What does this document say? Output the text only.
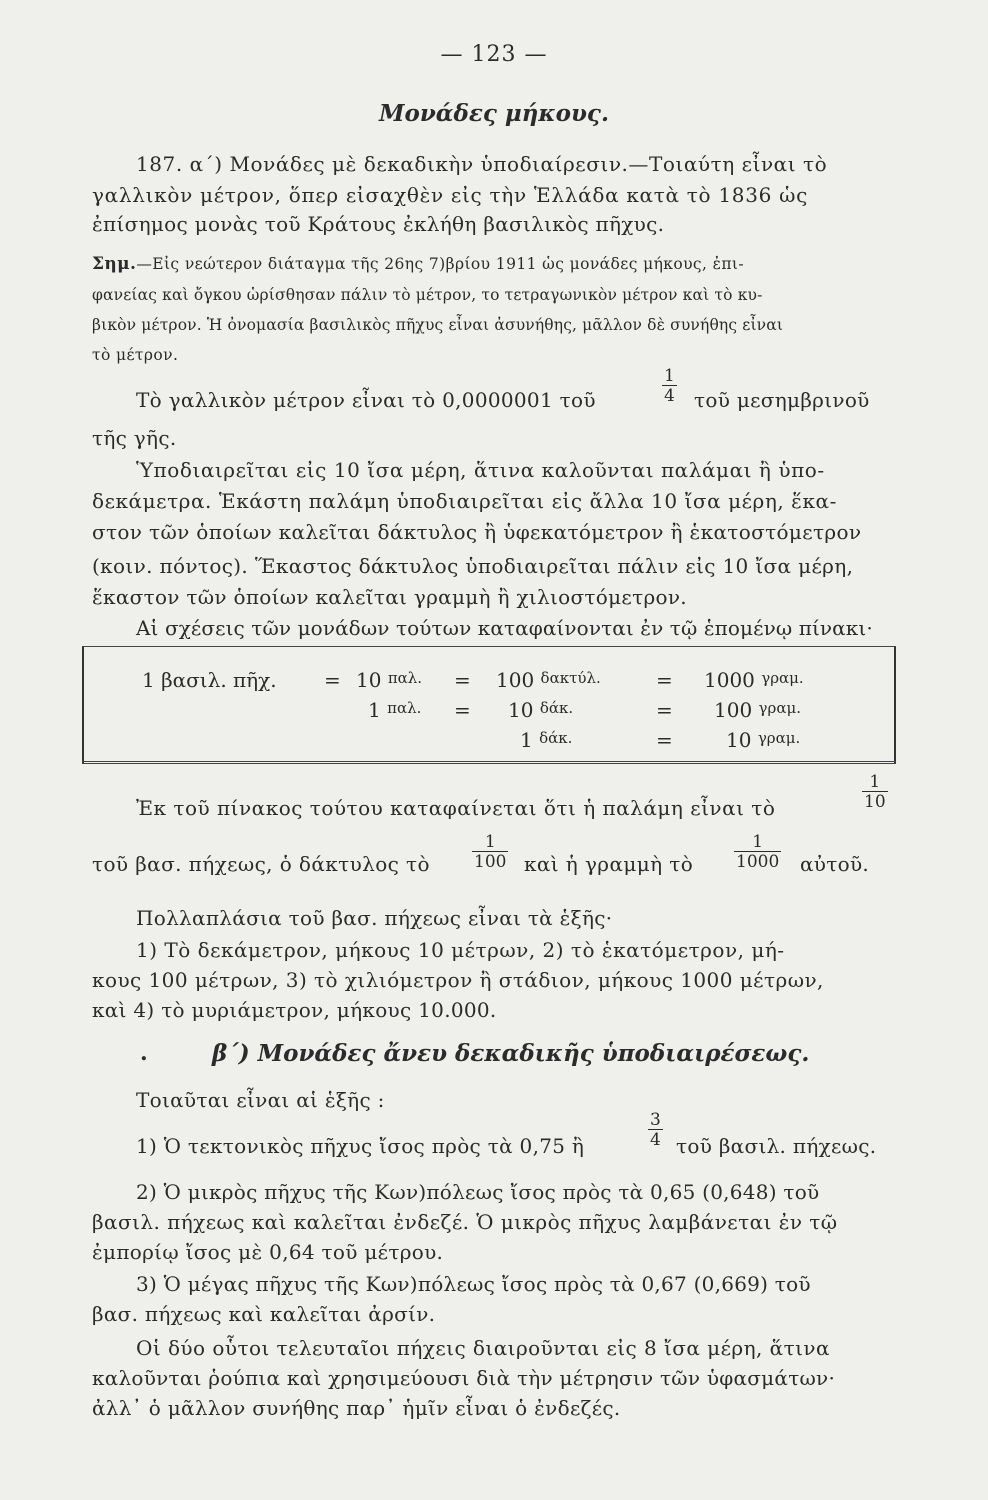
— 123 —
Μονάδες μήκους.
187. α΄) Μονάδες μὲ δεκαδικὴν ὑποδιαίρεσιν.—Τοιαύτη εἶναι τὸ
γαλλικὸν μέτρον, ὅπερ εἰσαχθὲν εἰς τὴν Ἑλλάδα κατὰ τὸ 1836 ὡς
ἐπίσημος μονὰς τοῦ Κράτους ἐκλήθη βασιλικὸς πῆχυς.
Σημ.—Εἰς νεώτερον διάταγμα τῆς 26ης 7)βρίου 1911 ὡς μονάδες μήκους, ἐπι-
φανείας καὶ ὄγκου ὡρίσθησαν πάλιν τὸ μέτρον, το τετραγωνικὸν μέτρον καὶ τὸ κυ-
βικὸν μέτρον. Ἡ ὀνομασία βασιλικὸς πῆχυς εἶναι ἀσυνήθης, μᾶλλον δὲ συνήθης εἶναι
τὸ μέτρον.
Τὸ γαλλικὸν μέτρον εἶναι τὸ 0,0000001 τοῦ	$\frac{1}{4}$ τοῦ μεσημβρινοῦ
τῆς γῆς.
Ὑποδιαιρεῖται εἰς 10 ἴσα μέρη, ἅτινα καλοῦνται παλάμαι ἢ ὑπο-
δεκάμετρα. Ἑκάστη παλάμη ὑποδιαιρεῖται εἰς ἄλλα 10 ἴσα μέρη, ἕκα-
στον τῶν ὁποίων καλεῖται δάκτυλος ἢ ὑφεκατόμετρον ἢ ἑκατοστόμετρον
(κοιν. πόντος). Ἕκαστος δάκτυλος ὑποδιαιρεῖται πάλιν εἰς 10 ἴσα μέρη,
ἕκαστον τῶν ὁποίων καλεῖται γραμμὴ ἢ χιλιοστόμετρον.
Αἱ σχέσεις τῶν μονάδων τούτων καταφαίνονται ἐν τῷ ἑπομένῳ πίνακι·
1 βασιλ. πῆχ. = 10 $^{\pi\alpha\lambda.}$ = 100 $^{\delta\alpha\kappa\tau ύ\lambda.}$	= 1000 $^{\gamma\rho\alpha\mu.}$
1 $^{\pi\alpha\lambda.}$ = 10 $^{\delta ά\kappa.}$	= 100 $^{\gamma\rho\alpha\mu.}$
1 $^{\delta ά\kappa.}$	=	10 $^{\gamma\rho\alpha\mu.}$
Ἐκ τοῦ πίνακος τούτου καταφαίνεται ὅτι ἡ παλάμη εἶναι τὸ	$\frac{1}{10}$
τοῦ βασ. πήχεως, ὁ δάκτυλος τὸ $\frac{1}{100}$ καὶ ἡ γραμμὴ τὸ $\frac{1}{1000}$ αὐτοῦ.
Πολλαπλάσια τοῦ βασ. πήχεως εἶναι τὰ ἑξῆς·
1) Τὸ δεκάμετρον, μήκους 10 μέτρων, 2) τὸ ἑκατόμετρον, μή-
κους 100 μέτρων, 3) τὸ χιλιόμετρον ἢ στάδιον, μήκους 1000 μέτρων,
καὶ 4) τὸ μυριάμετρον, μήκους 10.000.
.	β΄) Μονάδες ἄνευ δεκαδικῆς ὑποδιαιρέσεως.
Τοιαῦται εἶναι αἱ ἑξῆς :
1) Ὁ τεκτονικὸς πῆχυς ἴσος πρὸς τὰ 0,75 ἢ	$\frac{3}{4}$ τοῦ βασιλ. πήχεως.
2) Ὁ μικρὸς πῆχυς τῆς Κων)πόλεως ἴσος πρὸς τὰ 0,65 (0,648) τοῦ
βασιλ. πήχεως καὶ καλεῖται ἐνδεζέ. Ὁ μικρὸς πῆχυς λαμβάνεται ἐν τῷ
ἐμπορίῳ ἴσος μὲ 0,64 τοῦ μέτρου.
3) Ὁ μέγας πῆχυς τῆς Κων)πόλεως ἴσος πρὸς τὰ 0,67 (0,669) τοῦ
βασ. πήχεως καὶ καλεῖται ἀρσίν.
Οἱ δύο οὗτοι τελευταῖοι πήχεις διαιροῦνται εἰς 8 ἴσα μέρη, ἅτινα
καλοῦνται ῥούπια καὶ χρησιμεύουσι διὰ τὴν μέτρησιν τῶν ὑφασμάτων·
ἀλλ᾽ ὁ μᾶλλον συνήθης παρ᾽ ἡμῖν εἶναι ὁ ἐνδεζές.
